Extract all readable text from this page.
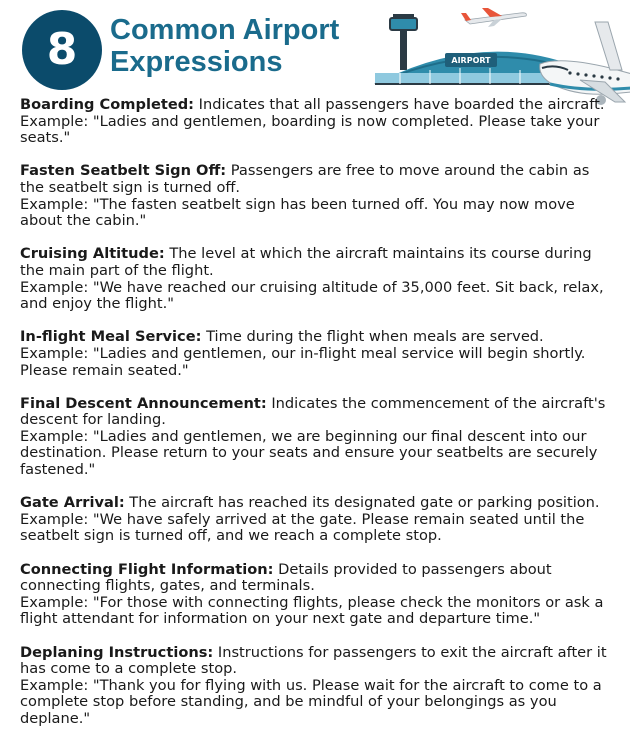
8 Common Airport
Expressions	AIRPORT
Boarding Completed: Indicates that all passengers have boarded the aircraft.
Example: "Ladies and gentlemen, boarding is now completed. Please take your seats."
Fasten Seatbelt Sign Off: Passengers are free to move around the cabin as the seatbelt sign is turned off.
Example: "The fasten seatbelt sign has been turned off. You may now move about the cabin."
Cruising Altitude: The level at which the aircraft maintains its course during the main part of the flight.
Example: "We have reached our cruising altitude of 35,000 feet. Sit back, relax, and enjoy the flight."
In-flight Meal Service: Time during the flight when meals are served.
Example: "Ladies and gentlemen, our in-flight meal service will begin shortly. Please remain seated."
Final Descent Announcement: Indicates the commencement of the aircraft's descent for landing.
Example: "Ladies and gentlemen, we are beginning our final descent into our destination. Please return to your seats and ensure your seatbelts are securely fastened."
Gate Arrival: The aircraft has reached its designated gate or parking position.
Example: "We have safely arrived at the gate. Please remain seated until the seatbelt sign is turned off, and we reach a complete stop.
Connecting Flight Information: Details provided to passengers about connecting flights, gates, and terminals.
Example: "For those with connecting flights, please check the monitors or ask a flight attendant for information on your next gate and departure time."
Deplaning Instructions: Instructions for passengers to exit the aircraft after it has come to a complete stop.
Example: "Thank you for flying with us. Please wait for the aircraft to come to a complete stop before standing, and be mindful of your belongings as you deplane."
